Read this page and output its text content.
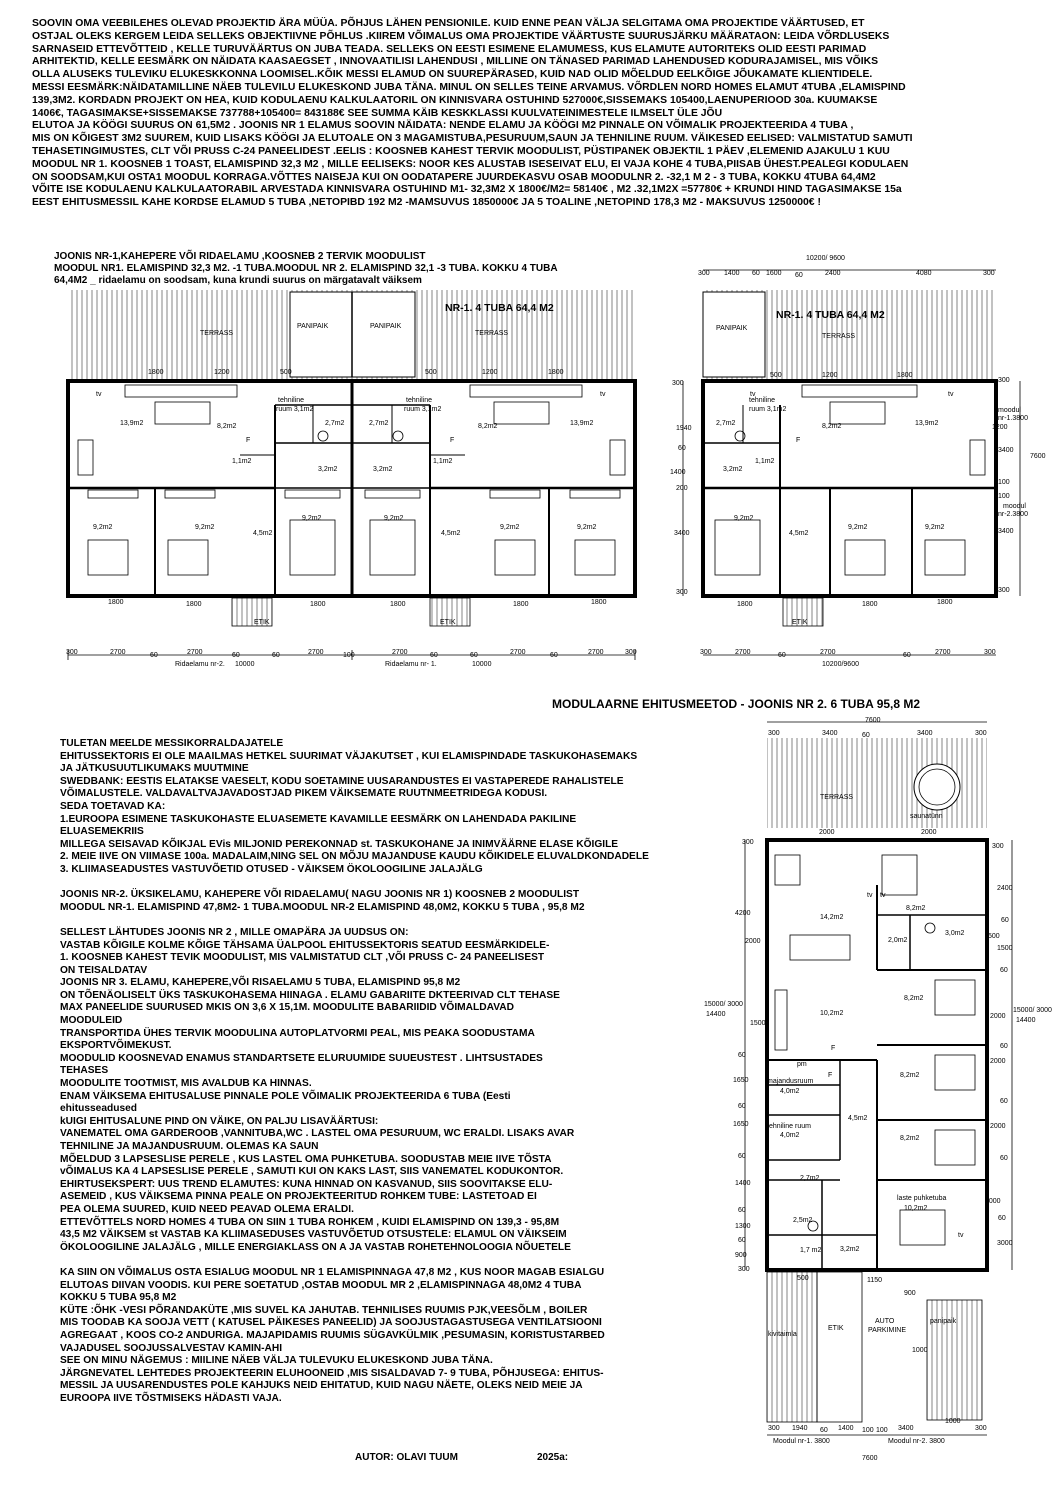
SOOVIN OMA VEEBILEHES OLEVAD PROJEKTID ÄRA MÜÜA. PÕHJUS LÄHEN PENSIONILE. KUID ENNE PEAN VÄLJA SELGITAMA OMA PROJEKTIDE VÄÄRTUSED, ET
OSTJAL OLEKS KERGEM LEIDA SELLEKS OBJEKTIIVNE PÕHLUS .KIIREM VÕIMALUS OMA PROJEKTIDE VÄÄRTUSTE SUURUSJÄRKU MÄÄRATAON: LEIDA VÕRDLUSEKS
SARNASEID ETTEVÕTTEID , KELLE TURUVÄÄRTUS ON JUBA TEADA. SELLEKS ON EESTI ESIMENE ELAMUMESS, KUS ELAMUTE AUTORITEKS OLID EESTI PARIMAD
ARHITEKTID, KELLE EESMÄRK ON NÄIDATA KAASAEGSET , INNOVAATILISI LAHENDUSI , MILLINE ON TÄNASED PARIMAD LAHENDUSED KODURAJAMISEL, MIS VÕIKS
OLLA ALUSEKS TULEVIKU ELUKESKKONNA LOOMISEL.KÕIK MESSI ELAMUD ON SUUREPÄRASED, KUID NAD OLID MÕELDUD EELKÕIGE JÕUKAMATE KLIENTIDELE.
MESSI EESMÄRK:NÄIDATAMILLINE NÄEB TULEVILU ELUKESKOND JUBA TÄNA. MINUL ON SELLES TEINE ARVAMUS. VÕRDLEN NORD HOMES ELAMUT 4TUBA ,ELAMISPIND
139,3M2. KORDADN PROJEKT ON HEA, KUID KODULAENU KALKULAATORIL ON KINNISVARA OSTUHIND 527000€,SISSEMAKS 105400,LAENUPERIOOD 30a. KUUMAKSE
1406€, TAGASIMAKSE+SISSEMAKSE 737788+105400= 843188€ SEE SUMMA KÄIB KESKKLASSI KUULVATEINIMESTELE ILMSELT ÜLE JÕU
ELUTOA JA KÖÖGI SUURUS ON 61,5M2 . JOONIS NR 1 ELAMUS SOOVIN NÄIDATA: NENDE ELAMU JA KÖÖGI M2 PINNALE ON VÕIMALIK PROJEKTEERIDA 4 TUBA ,
MIS ON KÕIGEST 3M2 SUUREM, KUID LISAKS KÖÖGI JA ELUTOALE ON 3 MAGAMISTUBA,PESURUUM,SAUN JA TEHNILINE RUUM. VÄIKESED EELISED: VALMISTATUD SAMUTI
TEHASETINGIMUSTES, CLT VÕI PRUSS C-24 PANEELIDEST .EELIS : KOOSNEB KAHEST TERVIK MOODULIST, PÜSTIPANEK OBJEKTIL 1 PÄEV ,ELEMENID AJAKULU 1 KUU
MOODUL NR 1. KOOSNEB 1 TOAST, ELAMISPIND 32,3 M2 , MILLE EELISEKS: NOOR KES ALUSTAB ISESEIVAT ELU, EI VAJA KOHE 4 TUBA,PIISAB ÜHEST.PEALEGI KODULAEN
ON SOODSAM,KUI OSTA1 MOODUL KORRAGA.VÕTTES NAISEJA KUI ON OODATAPERE JUURDEKASVU OSAB MOODULNR 2. -32,1 M 2 - 3 TUBA, KOKKU 4TUBA 64,4M2
VÕITE ISE KODULAENU KALKULAATORABIL ARVESTADA KINNISVARA OSTUHIND M1- 32,3M2 X 1800€/M2= 58140€ , M2 .32,1M2X =57780€ + KRUNDI HIND TAGASIMAKSE 15a
EEST EHITUSMESSIL KAHE KORDSE ELAMUD 5 TUBA ,NETOPIBD 192 M2 -MAMSUVUS 1850000€ JA 5 TOALINE ,NETOPIND 178,3 M2 - MAKSUVUS 1250000€ !
JOONIS NR-1,KAHEPERE VÕI RIDAELAMU ,KOOSNEB 2 TERVIK MOODULIST
MOODUL NR1. ELAMISPIND 32,3 M2. -1 TUBA.MOODUL NR 2. ELAMISPIND 32,1 -3 TUBA. KOKKU 4 TUBA
64,4M2 _ ridaelamu on soodsam, kuna krundi suurus on märgatavalt väiksem
MODULAARNE EHITUSMEETOD - JOONIS NR 2. 6 TUBA 95,8 M2
TULETAN MEELDE MESSIKORRALDAJATELE
EHITUSSEKTORIS EI OLE MAAILMAS HETKEL SUURIMAT VÄJAKUTSET , KUI ELAMISPINDADE TASKUKOHASEMAKS
JA JÄTKUSUUTLIKUMAKS MUUTMINE
SWEDBANK: EESTIS ELATAKSE VAESELT, KODU SOETAMINE UUSARANDUSTES EI VASTAPEREDE RAHALISTELE
VÕIMALUSTELE. VALDAVALTVAJAVADOSTJAD PIKEM VÄIKSEMATE RUUTNMEETRIDEGA KODUSI.
SEDA TOETAVAD KA:
1.EUROOPA ESIMENE TASKUKOHASTE ELUASEMETE KAVAMILLE EESMÄRK ON LAHENDADA PAKILINE
ELUASEMEKRIIS
MILLEGA SEISAVAD KÕIKJAL EVis MILJONID PEREKONNAD st. TASKUKOHANE JA INIMVÄÄRNE ELASE KÕIGILE
2. MEIE IIVE ON VIIMASE 100a. MADALAIM,NING SEL ON MÕJU MAJANDUSE KAUDU KÕIKIDELE ELUVALDKONDADELE
3. KLIIMASEADUSTES VASTUVÕETID OTUSED - VÄIKSEM ÖKOLOOGILINE JALAJÄLG

JOONIS NR-2. ÜKSIKELAMU, KAHEPERE VÕI RIDAELAMU( NAGU JOONIS NR 1) KOOSNEB 2 MOODULIST
MOODUL NR-1. ELAMISPIND 47,8M2- 1 TUBA.MOODUL NR-2 ELAMISPIND 48,0M2, KOKKU 5 TUBA , 95,8 M2

SELLEST LÄHTUDES JOONIS NR 2 , MILLE OMAPÄRA JA UUDSUS ON:
VASTAB KÕIGILE KOLME KÕIGE TÄHSAMA ÜALPOOL EHITUSSEKTORIS SEATUD EESMÄRKIDELE-
1. KOOSNEB KAHEST TEVIK MOODULIST, MIS VALMISTATUD CLT ,VÕI PRUSS C- 24 PANEELISEST
ON TEISALDATAV
JOONIS NR 3. ELAMU, KAHEPERE,VÕI RISAELAMU 5 TUBA, ELAMISPIND 95,8 M2
ON TÕENÄOLISELT ÜKS TASKUKOHASEMA HIINAGA . ELAMU GABARIITE DKTEERIVAD CLT TEHASE
MAX PANEELIDE SUURUSED MKIS ON 3,6 X 15,1M. MOODULITE BABARIIDID VÕIMALDAVAD
MOODULEID
TRANSPORTIDA ÜHES TERVIK MOODULINA AUTOPLATVORMI PEAL, MIS PEAKA SOODUSTAMA
EKSPORTVÕIMEKUST.
MOODULID KOOSNEVAD ENAMUS STANDARTSETE ELURUUMIDE SUUEUSTEST . LIHTSUSTADES
TEHASES
MOODULITE TOOTMIST, MIS AVALDUB KA HINNAS.
ENAM VÄIKSEMA EHITUSALUSE PINNALE POLE VÕIMALIK PROJEKTEERIDA 6 TUBA (Eesti
ehitusseadused
kUIGI EHITUSALUNE PIND ON VÄIKE, ON PALJU LISAVÄÄRTUSI:
VANEMATEL OMA GARDEROOB ,VANNITUBA,WC . LASTEL OMA PESURUUM, WC ERALDI. LISAKS AVAR
TEHNILINE JA MAJANDUSRUUM. OLEMAS KA SAUN
MÕELDUD 3 LAPSESLISE PERELE , KUS LASTEL OMA PUHKETUBA. SOODUSTAB MEIE IIVE TÕSTA
vÕIMALUS KA 4 LAPSESLISE PERELE , SAMUTI KUI ON KAKS LAST, SIIS VANEMATEL KODUKONTOR.
EHIRTUSEKSPERT: UUS TREND ELAMUTES: KUNA HINNAD ON KASVANUD, SIIS SOOVITAKSE ELU-
ASEMEID , KUS VÄIKSEMA PINNA PEALE ON PROJEKTEERITUD ROHKEM TUBE: LASTETOAD EI
PEA OLEMA SUURED, KUID NEED PEAVAD OLEMA ERALDI.
ETTEVÕTTELS NORD HOMES 4 TUBA ON SIIN 1 TUBA ROHKEM , KUIDI ELAMISPIND ON 139,3 - 95,8M
43,5 M2 VÄIKSEM st VASTAB KA KLIIMASEDUSES VASTUVÕETUD OTSUSTELE: ELAMUL ON VÄIKSEIM
ÖKOLOOGILINE JALAJÄLG , MILLE ENERGIAKLASS ON A JA VASTAB ROHETEHNOLOOGIA NÕUETELE

KA SIIN ON VÕIMALUS OSTA ESIALUG MOODUL NR 1 ELAMISPINNAGA 47,8 M2 , KUS NOOR MAGAB ESIALGU
ELUTOAS DIIVAN VOODIS. KUI PERE SOETATUD ,OSTAB MOODUL MR 2 ,ELAMISPINNAGA 48,0M2 4 TUBA
KOKKU 5 TUBA 95,8 M2
KÜTE :ÕHK -VESI PÕRANDAKÜTE ,MIS SUVEL KA JAHUTAB. TEHNILISES RUUMIS PJK,VEESÕLM , BOILER
MIS TOODAB KA SOOJA VETT ( KATUSEL PÄIKESES PANEELID) JA SOOJUSTAGASTUSEGA VENTILATSIOONI
AGREGAAT , KOOS CO-2 ANDURIGA. MAJAPIDAMIS RUUMIS SÜGAVKÜLMIK ,PESUMASIN, KORISTUSTARBED
VAJADUSEL SOOJUSSALVESTAV KAMIN-AHI
SEE ON MINU NÄGEMUS : MIILINE NÄEB VÄLJA TULEVUKU ELUKESKOND JUBA TÄNA.
JÄRGNEVATEL LEHTEDES PROJEKTEERIN ELUHOONEID ,MIS SISALDAVAD 7- 9 TUBA, PÕHJUSEGA: EHITUS-
MESSIL JA UUSARENDUSTES POLE KAHJUKS NEID EHITATUD, KUID NAGU NÄETE, OLEKS NEID MEIE JA
EUROOPA IIVE TÕSTMISEKS HÄDASTI VAJA.
AUTOR: OLAVI TUUM	2025a:
NR-1. 4 TUBA 64,4 M2
TERRASS	TERRASS
PANIPAIK	PANIPAIK
1800	1200	500	500	1200	1800
tv	tv
13,9m2	13,9m2
8,2m2	8,2m2
tehniline
ruum 3,1m2
tehniline
ruum 3,1m2
2,7m2	2,7m2
F	F
1,1m2	1,1m2
3,2m2	3,2m2
9,2m2	9,2m2
9,2m2	9,2m2
9,2m2	9,2m2
4,5m2	4,5m2
1800	1800	1800	1800	1800	1800
ETIK	ETIK
300	2700	60	2700	60	60	2700	100	2700	60	60	2700	60	2700	300
Ridaelamu nr-2. 10000	Ridaelamu nr- 1.	10000
NR-1. 4 TUBA 64,4 M2
PANIPAIK
TERRASS
10200/ 9600
300 1400 60 1600 60	2400	4080	300
500	1200	1800
tv	tv
tehniline
ruum 3,1m2
2,7m2	8,2m2	13,9m2
F
1,1m2
3,2m2
9,2m2
9,2m2	9,2m2
4,5m2
1800	1800	1800
ETIK
300	2700	60	2700	60	2700	300
10200/9600
300
1940
60
1400
200
3400
300
300
moodul
nr-1.3800
1200
3400
7600
100
100
moodul
nr-2.3800
3400
300
7600
300	3400	60	3400	300
TERRASS
saunatünn
2000	2000
300
300
4200
2400
tv tv
14,2m2
8,2m2
60
3,0m2	500
2,0m2
2000
1500
60
8,2m2
2000
15000/ 3000
14400
15000/ 3000
14400
10,2m2
1500
F	60
60
pm
F
2000
8,2m2
1650	majandusruum
4,0m2
60
60
4,5m2
1650	tehniline ruum
4,0m2
2000
8,2m2
60	60
1400
2,7m2
2000
laste puhketuba
10,2m2
60
2,5m2	60
1300
tv
3000
60
900
1,7 m2	3,2m2
300
500	1150
900
AUTO
PARKIMINE
panipaik
ETIK
kivitaimla
1000
1000
300 1940 60 1400 100 100 3400	300
Moodul nr-1. 3800	Moodul nr-2. 3800
7600
